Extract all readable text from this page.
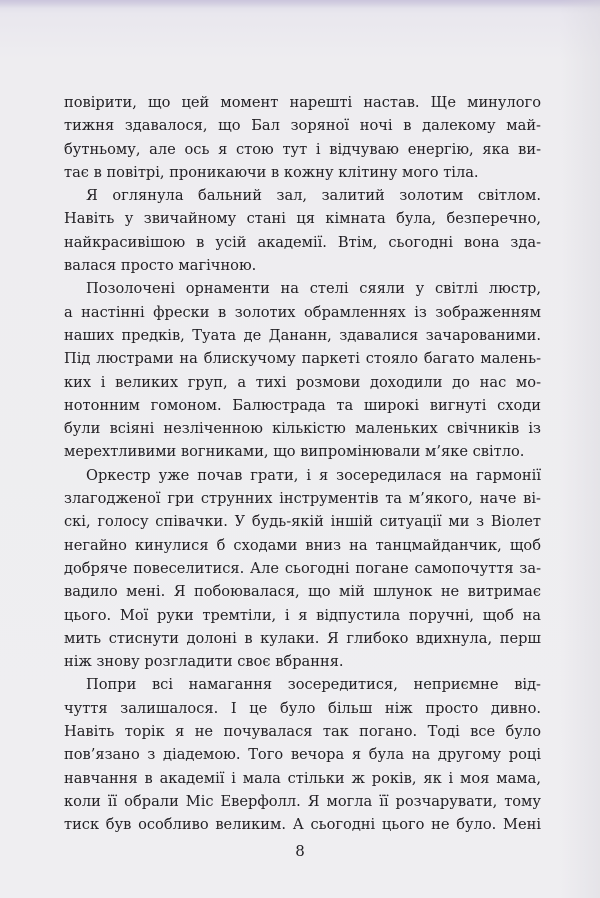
повірити, що цей момент нарешті настав. Ще минулого
тижня здавалося, що Бал зоряної ночі в далекому май-
бутньому, але ось я стою тут і відчуваю енергію, яка ви-
тає в повітрі, проникаючи в кожну клітину мого тіла.

Я оглянула бальний зал, залитий золотим світлом.
Навіть у звичайному стані ця кімната була, безперечно,
найкрасивішою в усій академії. Втім, сьогодні вона зда-
валася просто магічною.

Позолочені орнаменти на стелі сяяли у світлі люстр,
а настінні фрески в золотих обрамленнях із зображенням
наших предків, Туата де Дананн, здавалися зачарованими.
Під люстрами на блискучому паркеті стояло багато малень-
ких і великих груп, а тихі розмови доходили до нас мо-
нотонним гомоном. Балюстрада та широкі вигнуті сходи
були всіяні незліченною кількістю маленьких свічників із
мерехтливими вогниками, що випромінювали м’яке світло.

Оркестр уже почав грати, і я зосередилася на гармонії
злагодженої гри струнних інструментів та м’якого, наче ві-
скі, голосу співачки. У будь-якій іншій ситуації ми з Віолет
негайно кинулися б сходами вниз на танцмайданчик, щоб
добряче повеселитися. Але сьогодні погане самопочуття за-
вадило мені. Я побоювалася, що мій шлунок не витримає
цього. Мої руки тремтіли, і я відпустила поручні, щоб на
мить стиснути долоні в кулаки. Я глибоко вдихнула, перш
ніж знову розгладити своє вбрання.

Попри всі намагання зосередитися, неприємне від-
чуття залишалося. І це було більш ніж просто дивно.
Навіть торік я не почувалася так погано. Тоді все було
пов’язано з діадемою. Того вечора я була на другому році
навчання в академії і мала стільки ж років, як і моя мама,
коли її обрали Міс Еверфолл. Я могла її розчарувати, тому
тиск був особливо великим. А сьогодні цього не було. Мені

8
